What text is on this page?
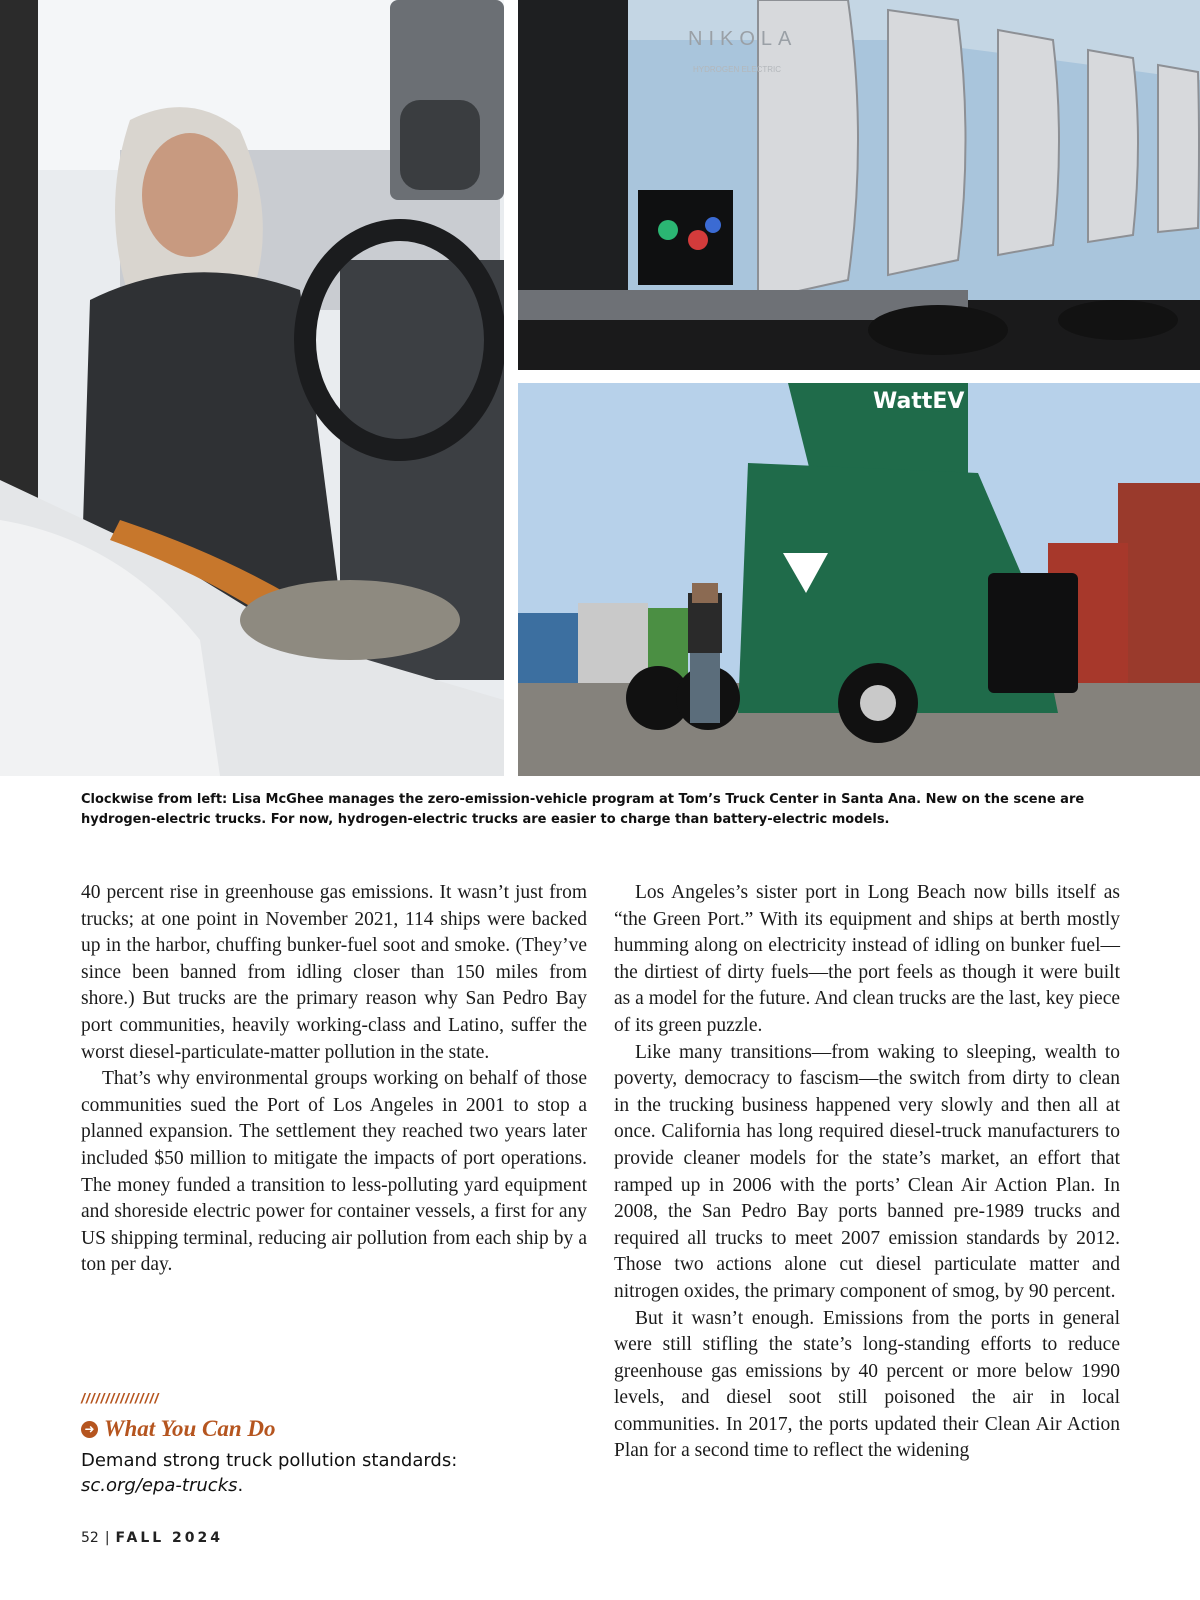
NIKOLA
HYDROGEN ELECTRIC
WattEV
Clockwise from left: Lisa McGhee manages the zero-emission-vehicle program at Tom’s Truck Center in Santa Ana. New on the scene are hydrogen-electric trucks. For now, hydrogen-electric trucks are easier to charge than battery-electric models.

40 percent rise in greenhouse gas emissions. It wasn’t just from trucks; at one point in November 2021, 114 ships were backed up in the harbor, chuffing bunker-fuel soot and smoke. (They’ve since been banned from idling closer than 150 miles from shore.) But trucks are the primary reason why San Pedro Bay port communities, heavily working-class and Latino, suffer the worst diesel-particulate-matter pollution in the state.

That’s why environmental groups working on behalf of those communities sued the Port of Los Angeles in 2001 to stop a planned expansion. The settlement they reached two years later included $50 million to mitigate the impacts of port operations. The money funded a transition to less-polluting yard equipment and shoreside electric power for container vessels, a first for any US shipping terminal, reducing air pollution from each ship by a ton per day.

Los Angeles’s sister port in Long Beach now bills itself as “the Green Port.” With its equipment and ships at berth mostly humming along on electricity instead of idling on bunker fuel—the dirtiest of dirty fuels—the port feels as though it were built as a model for the future. And clean trucks are the last, key piece of its green puzzle.

Like many transitions—from waking to sleeping, wealth to poverty, democracy to fascism—the switch from dirty to clean in the trucking business happened very slowly and then all at once. California has long required diesel-truck manufacturers to provide cleaner models for the state’s market, an effort that ramped up in 2006 with the ports’ Clean Air Action Plan. In 2008, the San Pedro Bay ports banned pre-1989 trucks and required all trucks to meet 2007 emission standards by 2012. Those two actions alone cut diesel particulate matter and nitrogen oxides, the primary component of smog, by 90 percent.

But it wasn’t enough. Emissions from the ports in general were still stifling the state’s long-standing efforts to reduce greenhouse gas emissions by 40 percent or more below 1990 levels, and diesel soot still poisoned the air in local communities. In 2017, the ports updated their Clean Air Action Plan for a second time to reflect the widening

////////////////
➜ What You Can Do
Demand strong truck pollution standards: sc.org/epa-trucks.
52 | FALL 2024
